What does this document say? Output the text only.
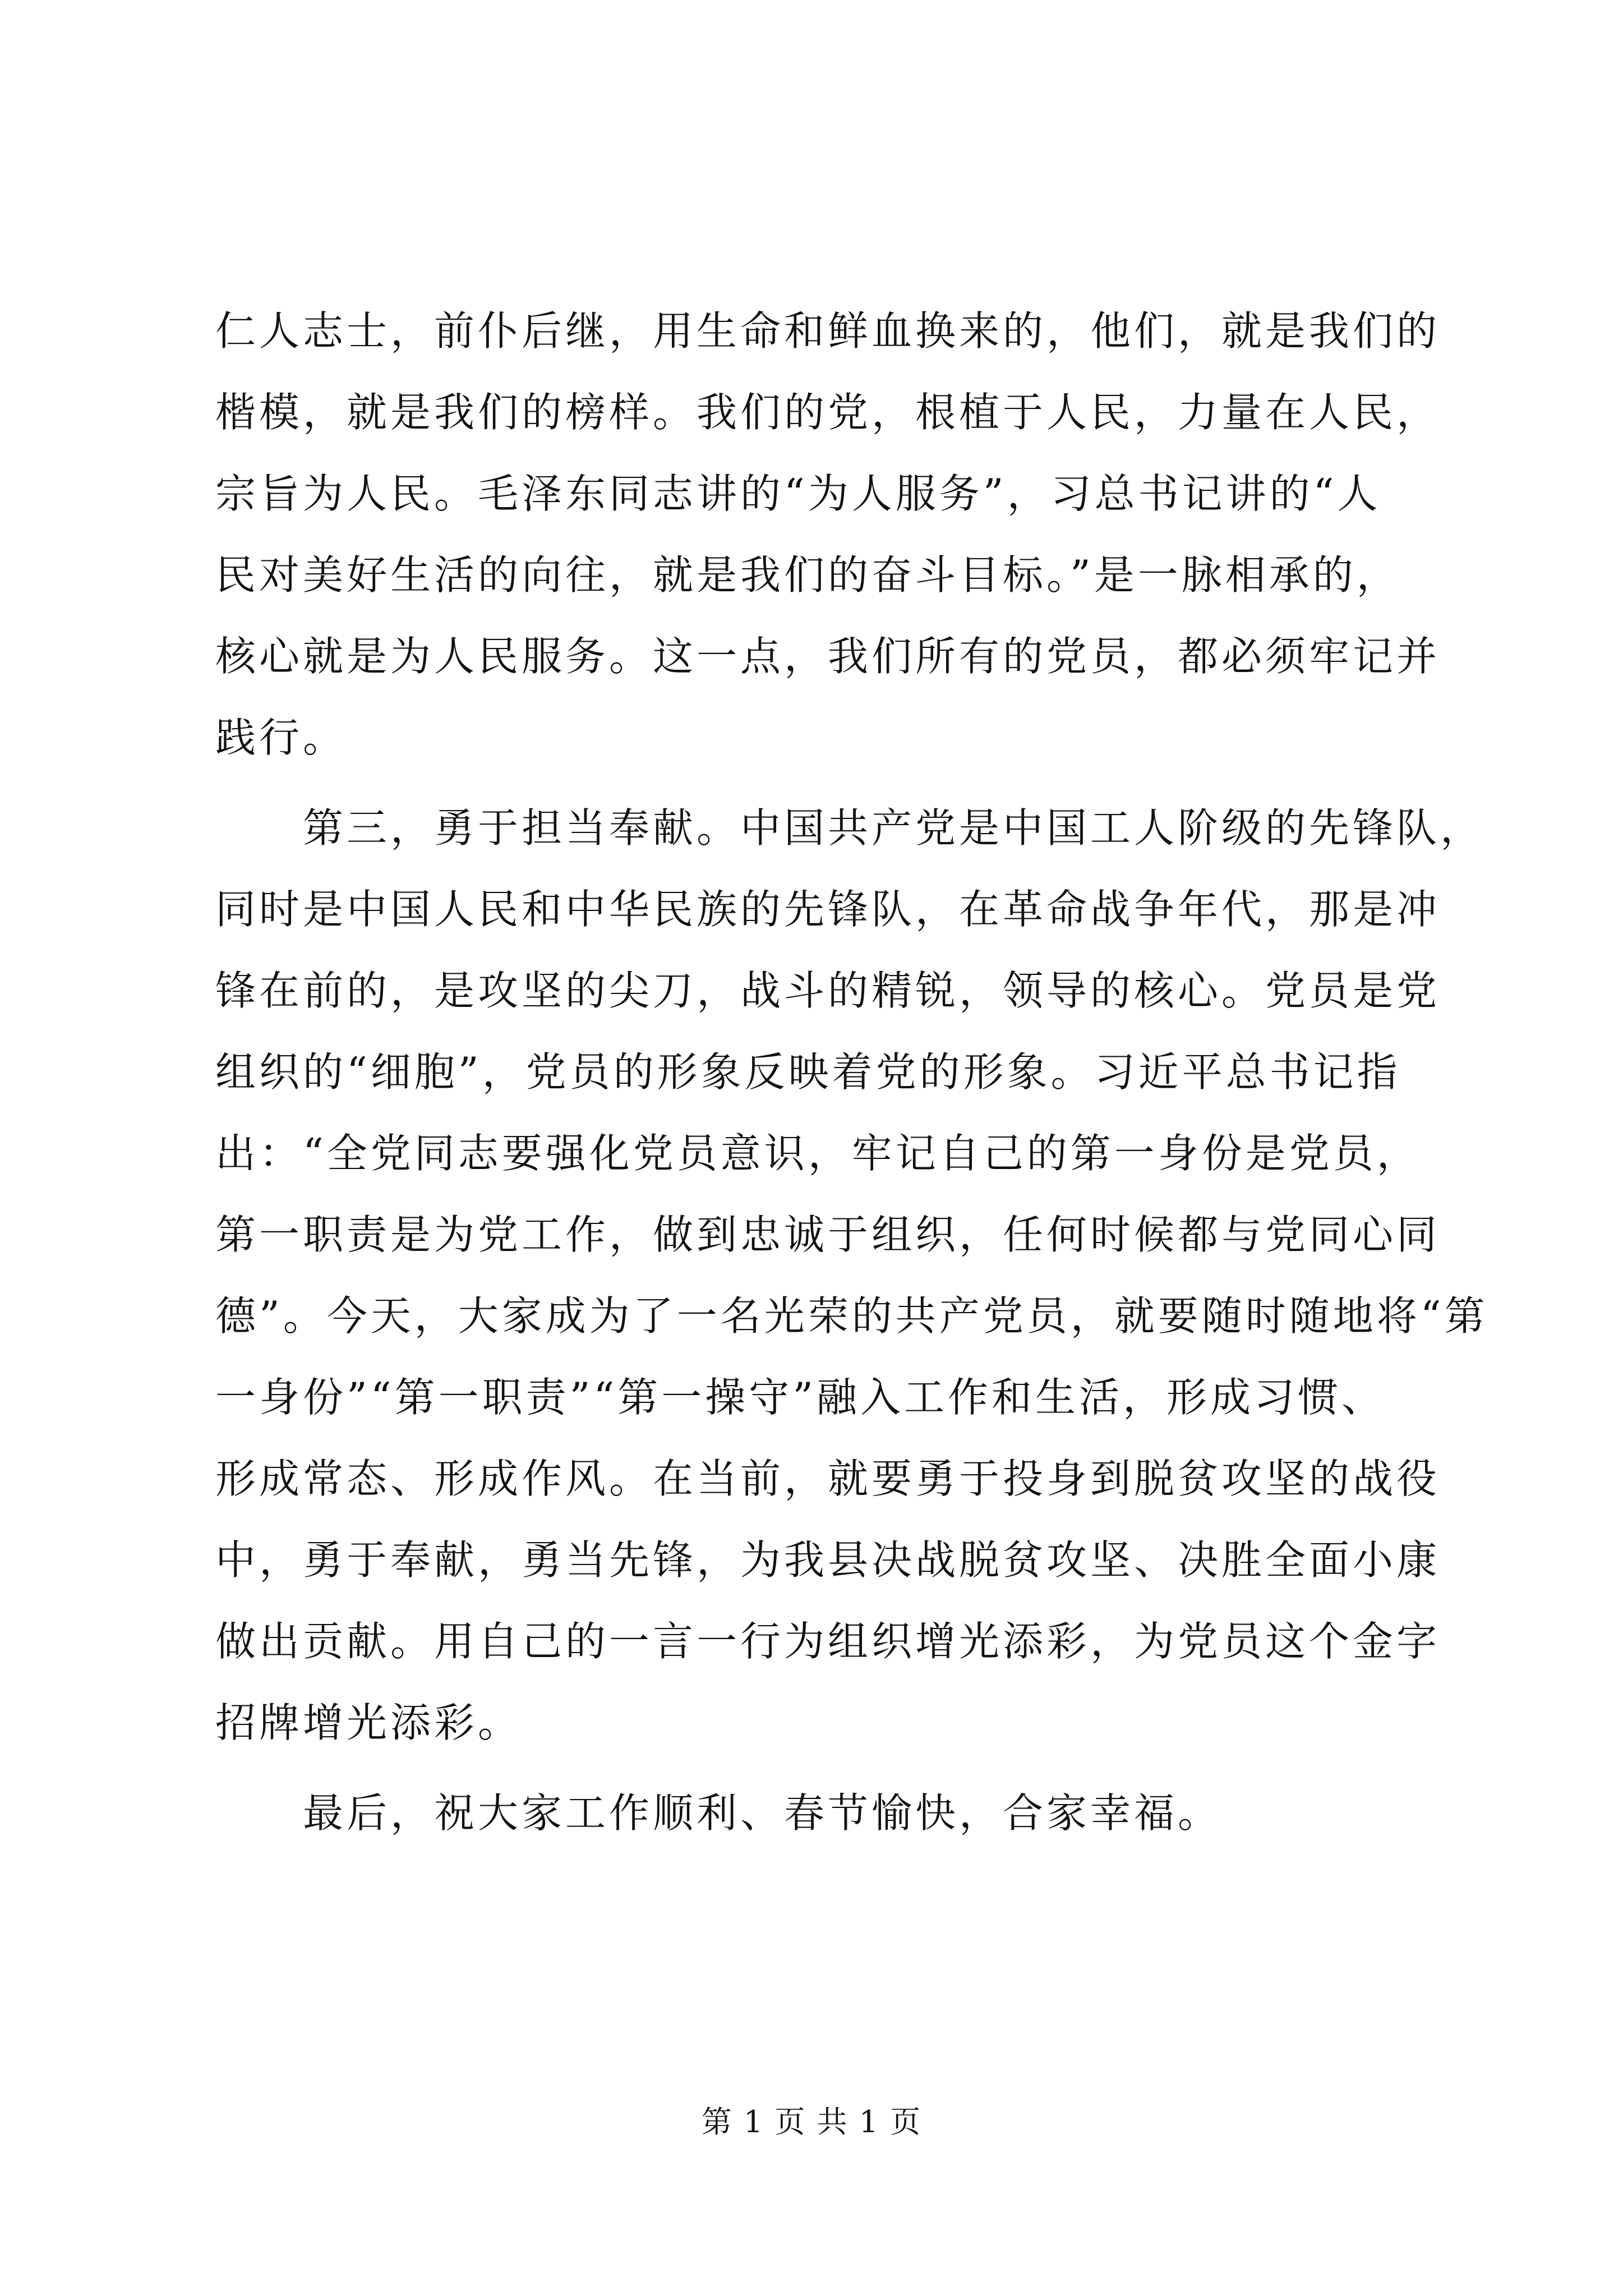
仁人志士，前仆后继，用生命和鲜血换来的，他们，就是我们的
楷模，就是我们的榜样。我们的党，根植于人民，力量在人民，
宗旨为人民。毛泽东同志讲的“为人服务”，习总书记讲的“人
民对美好生活的向往，就是我们的奋斗目标。”是一脉相承的，
核心就是为人民服务。这一点，我们所有的党员，都必须牢记并
践行。
第三，勇于担当奉献。中国共产党是中国工人阶级的先锋队，
同时是中国人民和中华民族的先锋队，在革命战争年代，那是冲
锋在前的，是攻坚的尖刀，战斗的精锐，领导的核心。党员是党
组织的“细胞”，党员的形象反映着党的形象。习近平总书记指
出：“全党同志要强化党员意识，牢记自己的第一身份是党员，
第一职责是为党工作，做到忠诚于组织，任何时候都与党同心同
德”。今天，大家成为了一名光荣的共产党员，就要随时随地将“第
一身份”“第一职责”“第一操守”融入工作和生活，形成习惯、
形成常态、形成作风。在当前，就要勇于投身到脱贫攻坚的战役
中，勇于奉献，勇当先锋，为我县决战脱贫攻坚、决胜全面小康
做出贡献。用自己的一言一行为组织增光添彩，为党员这个金字
招牌增光添彩。
最后，祝大家工作顺利、春节愉快，合家幸福。
第 1 页 共 1 页
